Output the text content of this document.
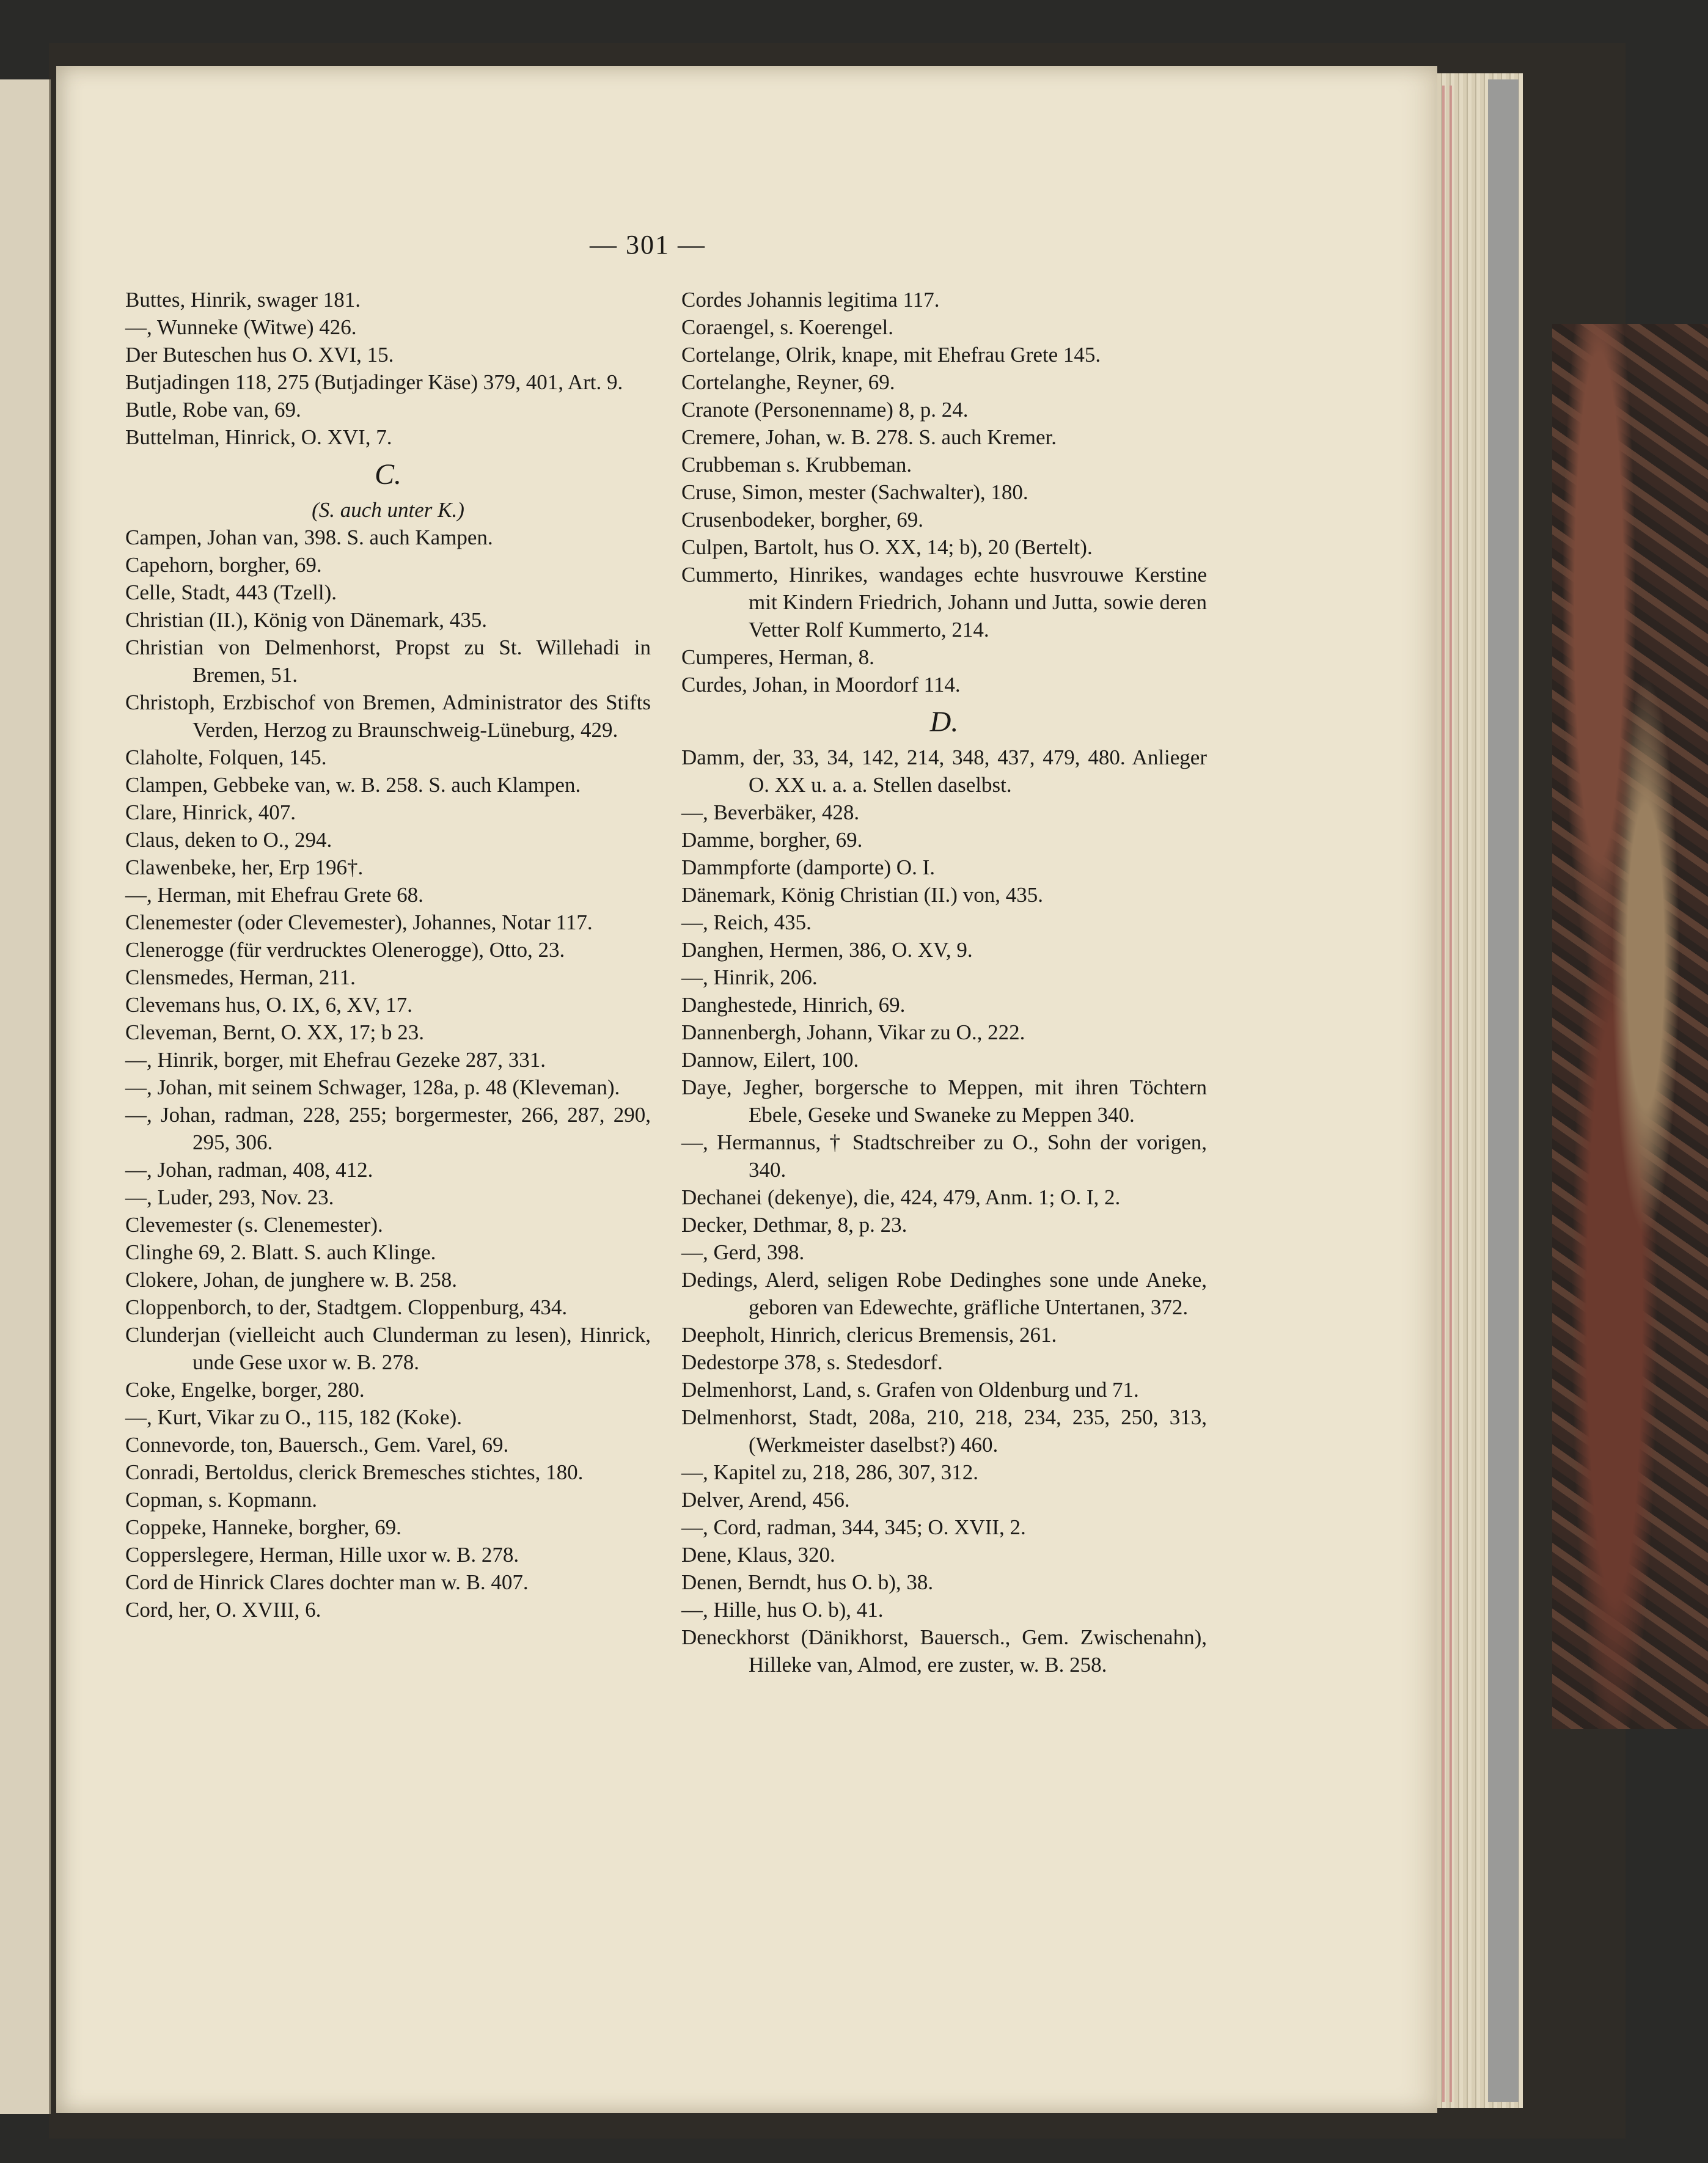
— 301 —
Buttes, Hinrik, swager 181.
—, Wunneke (Witwe) 426.
Der Buteschen hus O. XVI, 15.
Butjadingen 118, 275 (Butjadinger Käse) 379, 401, Art. 9.
Butle, Robe van, 69.
Buttelman, Hinrick, O. XVI, 7.
C.
(S. auch unter K.)
Campen, Johan van, 398. S. auch Kampen.
Capehorn, borgher, 69.
Celle, Stadt, 443 (Tzell).
Christian (II.), König von Dänemark, 435.
Christian von Delmenhorst, Propst zu St. Willehadi in Bremen, 51.
Christoph, Erzbischof von Bremen, Administrator des Stifts Verden, Herzog zu Braunschweig-Lüneburg, 429.
Claholte, Folquen, 145.
Clampen, Gebbeke van, w. B. 258. S. auch Klampen.
Clare, Hinrick, 407.
Claus, deken to O., 294.
Clawenbeke, her, Erp 196†.
—, Herman, mit Ehefrau Grete 68.
Clenemester (oder Clevemester), Johannes, Notar 117.
Clenerogge (für verdrucktes Olenerogge), Otto, 23.
Clensmedes, Herman, 211.
Clevemans hus, O. IX, 6, XV, 17.
Cleveman, Bernt, O. XX, 17; b 23.
—, Hinrik, borger, mit Ehefrau Gezeke 287, 331.
—, Johan, mit seinem Schwager, 128a, p. 48 (Kleveman).
—, Johan, radman, 228, 255; borgermester, 266, 287, 290, 295, 306.
—, Johan, radman, 408, 412.
—, Luder, 293, Nov. 23.
Clevemester (s. Clenemester).
Clinghe 69, 2. Blatt. S. auch Klinge.
Clokere, Johan, de junghere w. B. 258.
Cloppenborch, to der, Stadtgem. Cloppenburg, 434.
Clunderjan (vielleicht auch Clunderman zu lesen), Hinrick, unde Gese uxor w. B. 278.
Coke, Engelke, borger, 280.
—, Kurt, Vikar zu O., 115, 182 (Koke).
Connevorde, ton, Bauersch., Gem. Varel, 69.
Conradi, Bertoldus, clerick Bremesches stichtes, 180.
Copman, s. Kopmann.
Coppeke, Hanneke, borgher, 69.
Copperslegere, Herman, Hille uxor w. B. 278.
Cord de Hinrick Clares dochter man w. B. 407.
Cord, her, O. XVIII, 6.
Cordes Johannis legitima 117.
Coraengel, s. Koerengel.
Cortelange, Olrik, knape, mit Ehefrau Grete 145.
Cortelanghe, Reyner, 69.
Cranote (Personenname) 8, p. 24.
Cremere, Johan, w. B. 278. S. auch Kremer.
Crubbeman s. Krubbeman.
Cruse, Simon, mester (Sachwalter), 180.
Crusenbodeker, borgher, 69.
Culpen, Bartolt, hus O. XX, 14; b), 20 (Bertelt).
Cummerto, Hinrikes, wandages echte husvrouwe Kerstine mit Kindern Friedrich, Johann und Jutta, sowie deren Vetter Rolf Kummerto, 214.
Cumperes, Herman, 8.
Curdes, Johan, in Moordorf 114.
D.
Damm, der, 33, 34, 142, 214, 348, 437, 479, 480. Anlieger O. XX u. a. a. Stellen daselbst.
—, Beverbäker, 428.
Damme, borgher, 69.
Dammpforte (damporte) O. I.
Dänemark, König Christian (II.) von, 435.
—, Reich, 435.
Danghen, Hermen, 386, O. XV, 9.
—, Hinrik, 206.
Danghestede, Hinrich, 69.
Dannenbergh, Johann, Vikar zu O., 222.
Dannow, Eilert, 100.
Daye, Jegher, borgersche to Meppen, mit ihren Töchtern Ebele, Geseke und Swaneke zu Meppen 340.
—, Hermannus, † Stadtschreiber zu O., Sohn der vorigen, 340.
Dechanei (dekenye), die, 424, 479, Anm. 1; O. I, 2.
Decker, Dethmar, 8, p. 23.
—, Gerd, 398.
Dedings, Alerd, seligen Robe Dedinghes sone unde Aneke, geboren van Edewechte, gräfliche Untertanen, 372.
Deepholt, Hinrich, clericus Bremensis, 261.
Dedestorpe 378, s. Stedesdorf.
Delmenhorst, Land, s. Grafen von Oldenburg und 71.
Delmenhorst, Stadt, 208a, 210, 218, 234, 235, 250, 313, (Werkmeister daselbst?) 460.
—, Kapitel zu, 218, 286, 307, 312.
Delver, Arend, 456.
—, Cord, radman, 344, 345; O. XVII, 2.
Dene, Klaus, 320.
Denen, Berndt, hus O. b), 38.
—, Hille, hus O. b), 41.
Deneckhorst (Dänikhorst, Bauersch., Gem. Zwischenahn), Hilleke van, Almod, ere zuster, w. B. 258.
